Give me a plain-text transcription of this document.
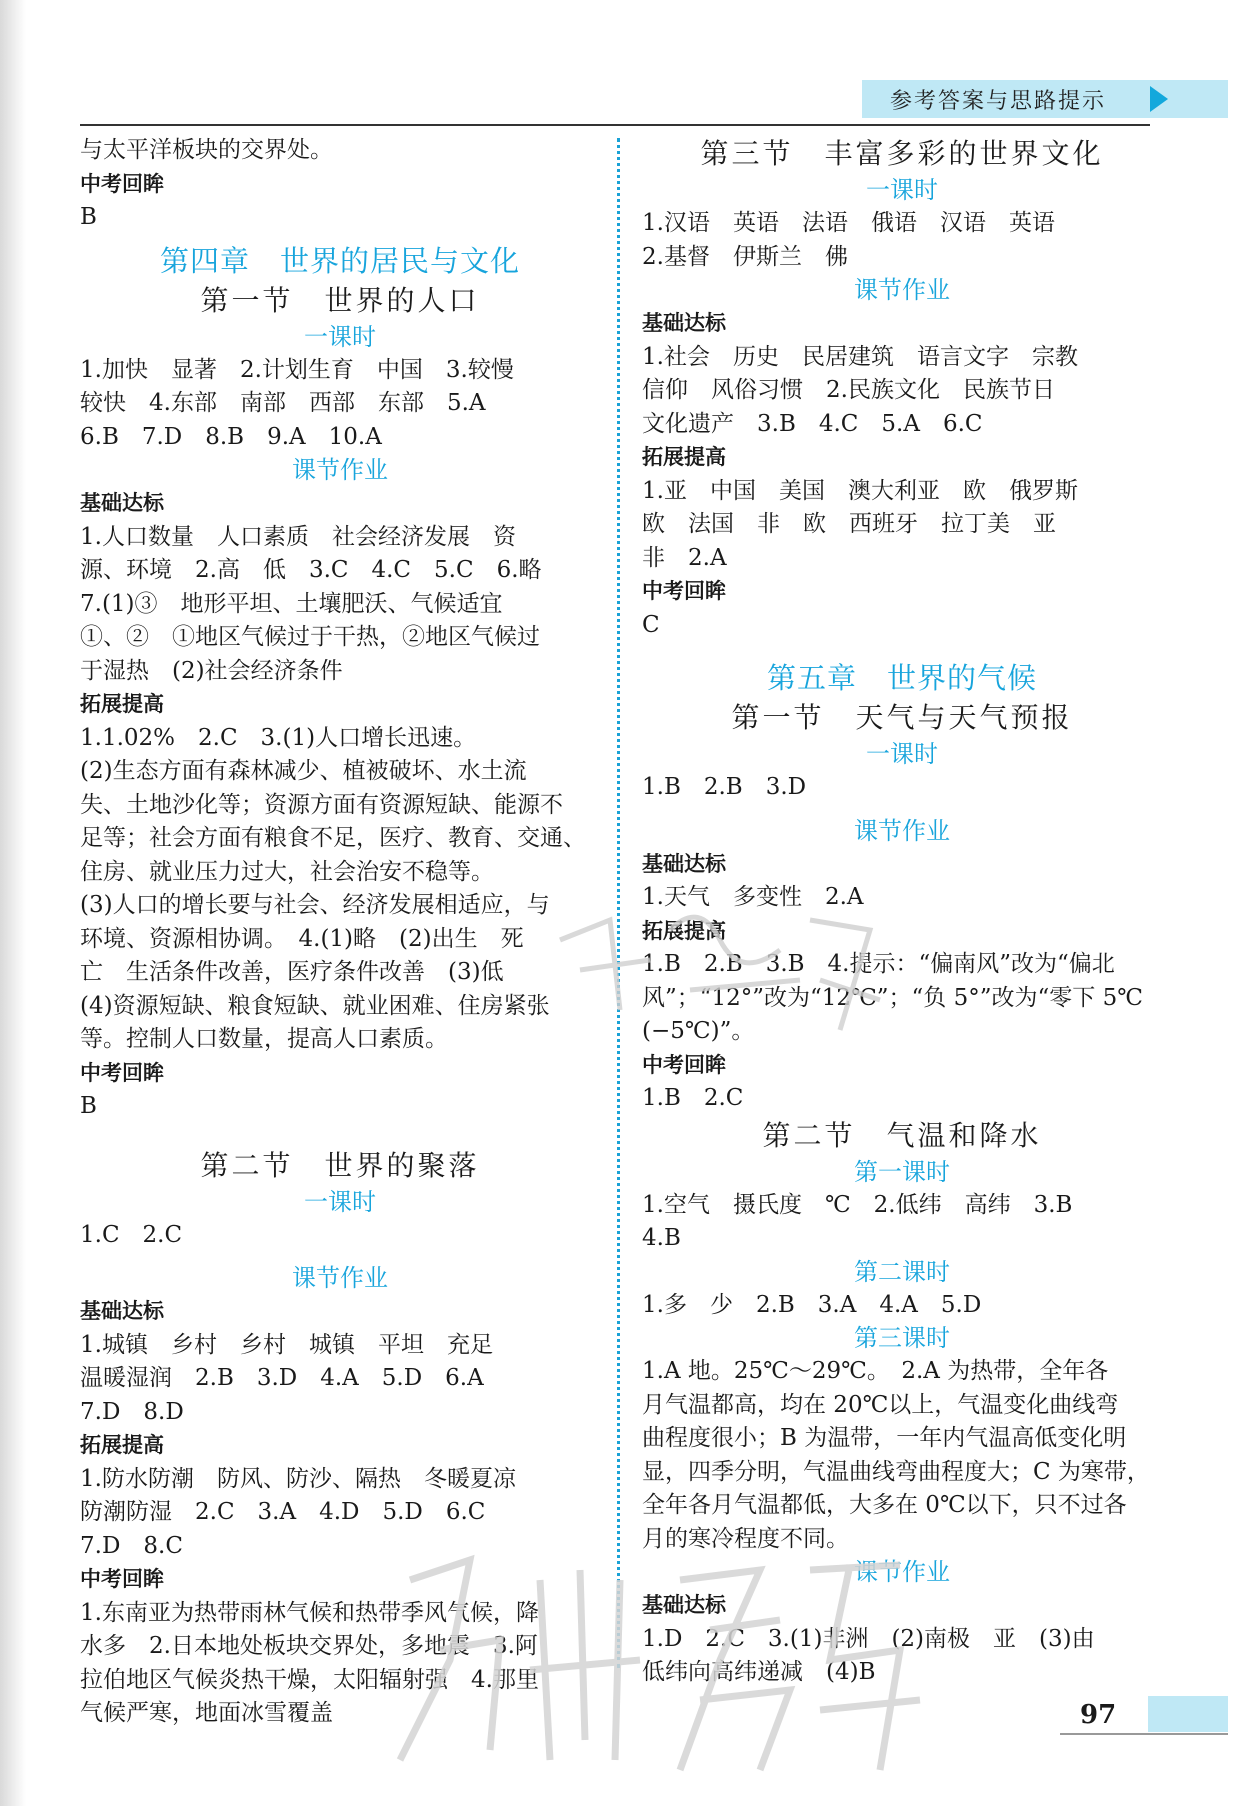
参考答案与思路提示
与太平洋板块的交界处。
中考回眸
B
第四章　世界的居民与文化
第一节　世界的人口
一课时
1.加快　显著　2.计划生育　中国　3.较慢
较快　4.东部　南部　西部　东部　5.A
6.B　7.D　8.B　9.A　10.A
课节作业
基础达标
1.人口数量　人口素质　社会经济发展　资
源、环境　2.高　低　3.C　4.C　5.C　6.略
7.(1)③　地形平坦、土壤肥沃、气候适宜
①、②　①地区气候过于干热，②地区气候过
于湿热　(2)社会经济条件
拓展提高
1.1.02%　2.C　3.(1)人口增长迅速。
(2)生态方面有森林减少、植被破坏、水土流
失、土地沙化等；资源方面有资源短缺、能源不
足等；社会方面有粮食不足，医疗、教育、交通、
住房、就业压力过大，社会治安不稳等。
(3)人口的增长要与社会、经济发展相适应，与
环境、资源相协调。　4.(1)略　(2)出生　死
亡　生活条件改善，医疗条件改善　(3)低
(4)资源短缺、粮食短缺、就业困难、住房紧张
等。控制人口数量，提高人口素质。
中考回眸
B
第二节　世界的聚落
一课时
1.C　2.C
课节作业
基础达标
1.城镇　乡村　乡村　城镇　平坦　充足
温暖湿润　2.B　3.D　4.A　5.D　6.A
7.D　8.D
拓展提高
1.防水防潮　防风、防沙、隔热　冬暖夏凉
防潮防湿　2.C　3.A　4.D　5.D　6.C
7.D　8.C
中考回眸
1.东南亚为热带雨林气候和热带季风气候，降
水多　2.日本地处板块交界处，多地震　3.阿
拉伯地区气候炎热干燥，太阳辐射强　4.那里
气候严寒，地面冰雪覆盖
第三节　丰富多彩的世界文化
一课时
1.汉语　英语　法语　俄语　汉语　英语
2.基督　伊斯兰　佛
课节作业
基础达标
1.社会　历史　民居建筑　语言文字　宗教
信仰　风俗习惯　2.民族文化　民族节日
文化遗产　3.B　4.C　5.A　6.C
拓展提高
1.亚　中国　美国　澳大利亚　欧　俄罗斯
欧　法国　非　欧　西班牙　拉丁美　亚
非　2.A
中考回眸
C
第五章　世界的气候
第一节　天气与天气预报
一课时
1.B　2.B　3.D
课节作业
基础达标
1.天气　多变性　2.A
拓展提高
1.B　2.B　3.B　4.提示：“偏南风”改为“偏北
风”；“12°”改为“12℃”；“负 5°”改为“零下 5℃
(−5℃)”。
中考回眸
1.B　2.C
第二节　气温和降水
第一课时
1.空气　摄氏度　℃　2.低纬　高纬　3.B
4.B
第二课时
1.多　少　2.B　3.A　4.A　5.D
第三课时
1.A 地。25℃～29℃。　2.A 为热带，全年各
月气温都高，均在 20℃以上，气温变化曲线弯
曲程度很小；B 为温带，一年内气温高低变化明
显，四季分明，气温曲线弯曲程度大；C 为寒带，
全年各月气温都低，大多在 0℃以下，只不过各
月的寒冷程度不同。
课节作业
基础达标
1.D　2.C　3.(1)非洲　(2)南极　亚　(3)由
低纬向高纬递减　(4)B
97
